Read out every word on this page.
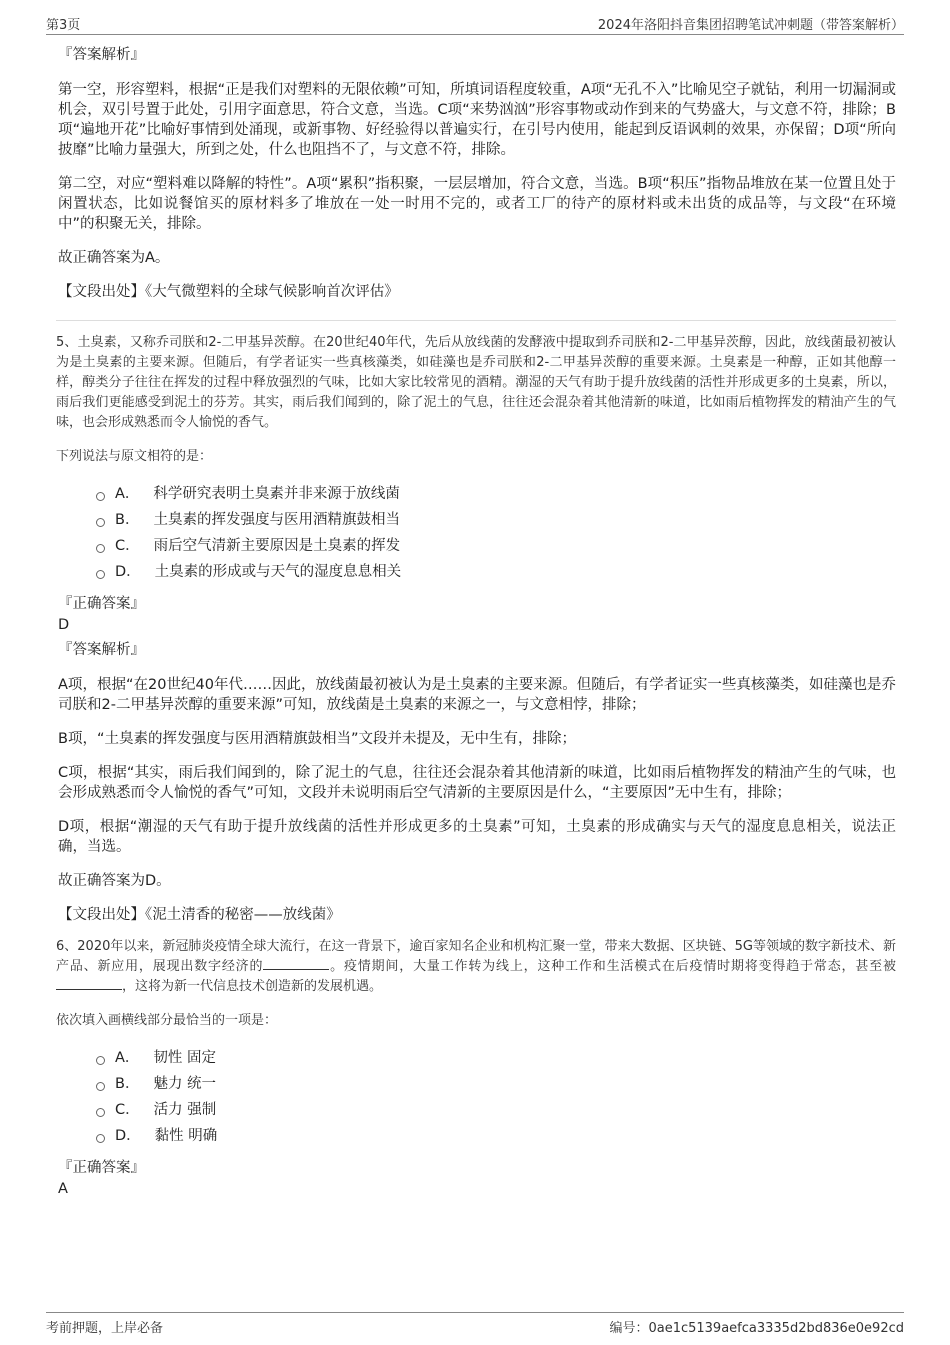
第3页	2024年洛阳抖音集团招聘笔试冲刺题（带答案解析）
『答案解析』

第一空，形容塑料，根据“正是我们对塑料的无限依赖”可知，所填词语程度较重，A项“无孔不入”比喻见空子就钻，利用一切漏洞或机会，双引号置于此处，引用字面意思，符合文意，当选。C项“来势汹汹”形容事物或动作到来的气势盛大，与文意不符，排除；B项“遍地开花”比喻好事情到处涌现，或新事物、好经验得以普遍实行，在引号内使用，能起到反语讽刺的效果，亦保留；D项“所向披靡”比喻力量强大，所到之处，什么也阻挡不了，与文意不符，排除。

第二空，对应“塑料难以降解的特性”。A项“累积”指积聚，一层层增加，符合文意，当选。B项“积压”指物品堆放在某一位置且处于闲置状态，比如说餐馆买的原材料多了堆放在一处一时用不完的，或者工厂的待产的原材料或未出货的成品等，与文段“在环境中”的积聚无关，排除。

故正确答案为A。

【文段出处】《大气微塑料的全球气候影响首次评估》

5、土臭素，又称乔司朕和2-二甲基异茨醇。在20世纪40年代，先后从放线菌的发酵液中提取到乔司朕和2-二甲基异茨醇，因此，放线菌最初被认为是土臭素的主要来源。但随后，有学者证实一些真核藻类，如硅藻也是乔司朕和2-二甲基异茨醇的重要来源。土臭素是一种醇，正如其他醇一样，醇类分子往往在挥发的过程中释放强烈的气味，比如大家比较常见的酒精。潮湿的天气有助于提升放线菌的活性并形成更多的土臭素，所以，雨后我们更能感受到泥土的芬芳。其实，雨后我们闻到的，除了泥土的气息，往往还会混杂着其他清新的味道，比如雨后植物挥发的精油产生的气味，也会形成熟悉而令人愉悦的香气。

下列说法与原文相符的是：

A． 科学研究表明土臭素并非来源于放线菌
B． 土臭素的挥发强度与医用酒精旗鼓相当
C． 雨后空气清新主要原因是土臭素的挥发
D． 土臭素的形成或与天气的湿度息息相关
『正确答案』
D
『答案解析』

A项，根据“在20世纪40年代……因此，放线菌最初被认为是土臭素的主要来源。但随后，有学者证实一些真核藻类，如硅藻也是乔司朕和2-二甲基异茨醇的重要来源”可知，放线菌是土臭素的来源之一，与文意相悖，排除；

B项，“土臭素的挥发强度与医用酒精旗鼓相当”文段并未提及，无中生有，排除；

C项，根据“其实，雨后我们闻到的，除了泥土的气息，往往还会混杂着其他清新的味道，比如雨后植物挥发的精油产生的气味，也会形成熟悉而令人愉悦的香气”可知，文段并未说明雨后空气清新的主要原因是什么，“主要原因”无中生有，排除；

D项，根据“潮湿的天气有助于提升放线菌的活性并形成更多的土臭素”可知，土臭素的形成确实与天气的湿度息息相关，说法正确，当选。

故正确答案为D。

【文段出处】《泥土清香的秘密——放线菌》

6、2020年以来，新冠肺炎疫情全球大流行，在这一背景下，逾百家知名企业和机构汇聚一堂，带来大数据、区块链、5G等领域的数字新技术、新产品、新应用，展现出数字经济的	。疫情期间，大量工作转为线上，这种工作和生活模式在后疫情时期将变得趋于常态，甚至被，这将为新一代信息技术创造新的发展机遇。

依次填入画横线部分最恰当的一项是：

A． 韧性 固定
B． 魅力 统一
C． 活力 强制
D． 黏性 明确
『正确答案』
A
考前押题，上岸必备	编号：0ae1c5139aefca3335d2bd836e0e92cd
